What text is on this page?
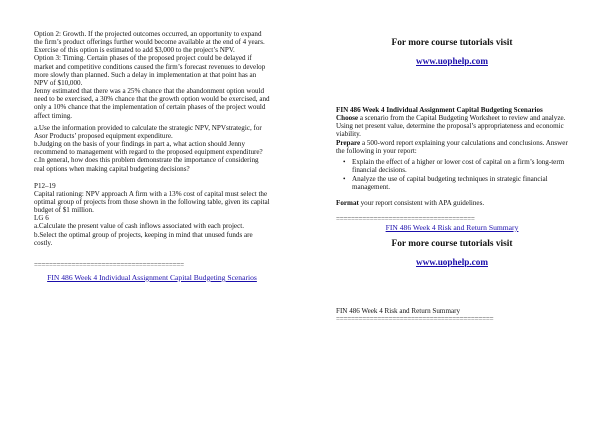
Option 2: Growth. If the projected outcomes occurred, an opportunity to expand the firm’s product offerings further would become available at the end of 4 years. Exercise of this option is estimated to add $3,000 to the project’s NPV.

Option 3: Timing. Certain phases of the proposed project could be delayed if market and competitive conditions caused the firm’s forecast revenues to develop more slowly than planned. Such a delay in implementation at that point has an NPV of $10,000.

Jenny estimated that there was a 25% chance that the abandonment option would need to be exercised, a 30% chance that the growth option would be exercised, and only a 10% chance that the implementation of certain phases of the project would affect timing.

a.Use the information provided to calculate the strategic NPV, NPVstrategic, for Asor Products’ proposed equipment expenditure.

b.Judging on the basis of your findings in part a, what action should Jenny recommend to management with regard to the proposed equipment expenditure?

c.In general, how does this problem demonstrate the importance of considering real options when making capital budgeting decisions?

P12–19

Capital rationing: NPV approach A firm with a 13% cost of capital must select the optimal group of projects from those shown in the following table, given its capital budget of $1 million.

LG 6

a.Calculate the present value of cash inflows associated with each project.

b.Select the optimal group of projects, keeping in mind that unused funds are costly.

========================================
FIN 486 Week 4 Individual Assignment Capital Budgeting Scenarios
For more course tutorials visit
www.uophelp.com

FIN 486 Week 4 Individual Assignment Capital Budgeting Scenarios

Choose a scenario from the Capital Budgeting Worksheet to review and analyze. Using net present value, determine the proposal’s appropriateness and economic viability.

Prepare a 500-word report explaining your calculations and conclusions. Answer the following in your report:

• Explain the effect of a higher or lower cost of capital on a firm’s long-term financial decisions.
• Analyze the use of capital budgeting techniques in strategic financial management.

Format your report consistent with APA guidelines.

=====================================
FIN 486 Week 4 Risk and Return Summary
For more course tutorials visit
www.uophelp.com

FIN 486 Week 4 Risk and Return Summary

==========================================
